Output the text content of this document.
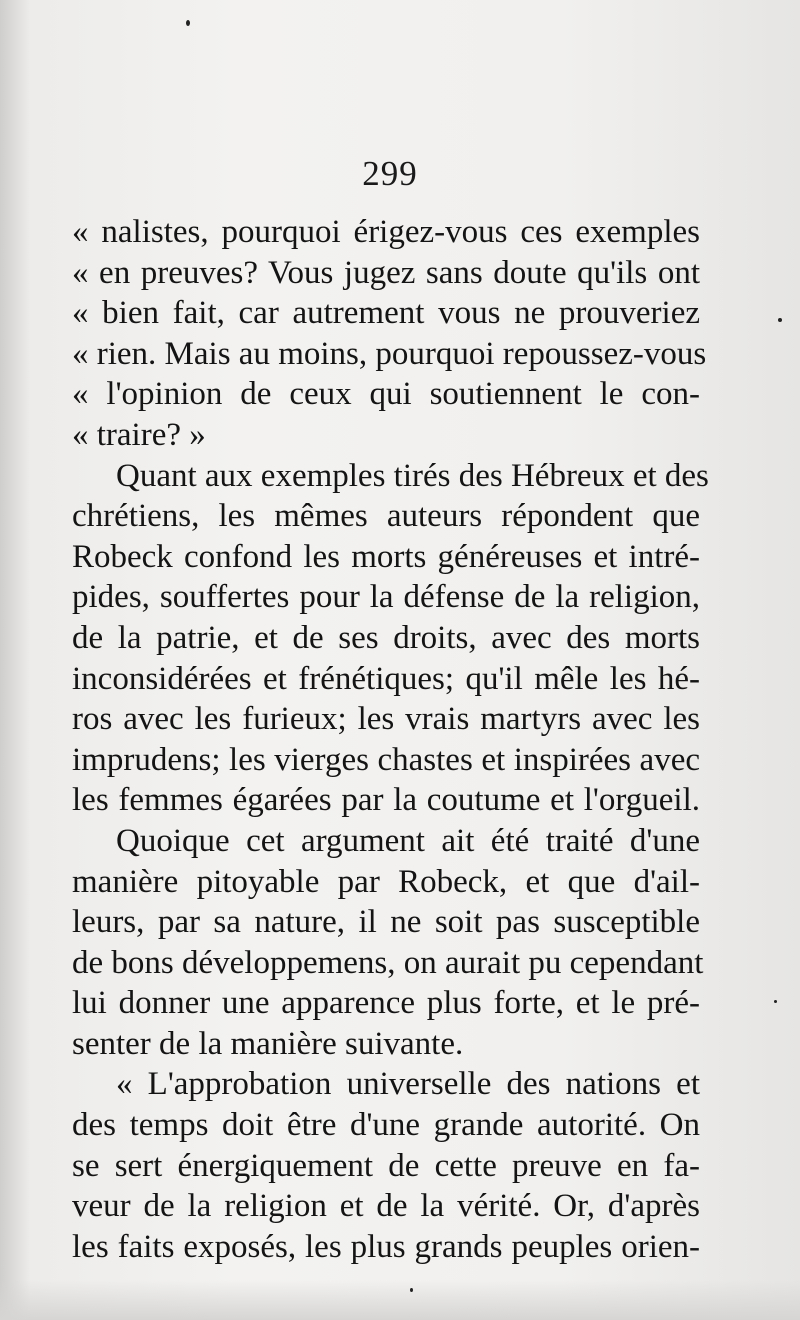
299
« nalistes, pourquoi érigez-vous ces exemples
« en preuves? Vous jugez sans doute qu'ils ont
« bien fait, car autrement vous ne prouveriez
« rien. Mais au moins, pourquoi repoussez-vous
« l'opinion de ceux qui soutiennent le con-
« traire? »
Quant aux exemples tirés des Hébreux et des
chrétiens, les mêmes auteurs répondent que
Robeck confond les morts généreuses et intré-
pides, souffertes pour la défense de la religion,
de la patrie, et de ses droits, avec des morts
inconsidérées et frénétiques; qu'il mêle les hé-
ros avec les furieux; les vrais martyrs avec les
imprudens; les vierges chastes et inspirées avec
les femmes égarées par la coutume et l'orgueil.
Quoique cet argument ait été traité d'une
manière pitoyable par Robeck, et que d'ail-
leurs, par sa nature, il ne soit pas susceptible
de bons développemens, on aurait pu cependant
lui donner une apparence plus forte, et le pré-
senter de la manière suivante.
« L'approbation universelle des nations et
des temps doit être d'une grande autorité. On
se sert énergiquement de cette preuve en fa-
veur de la religion et de la vérité. Or, d'après
les faits exposés, les plus grands peuples orien-
